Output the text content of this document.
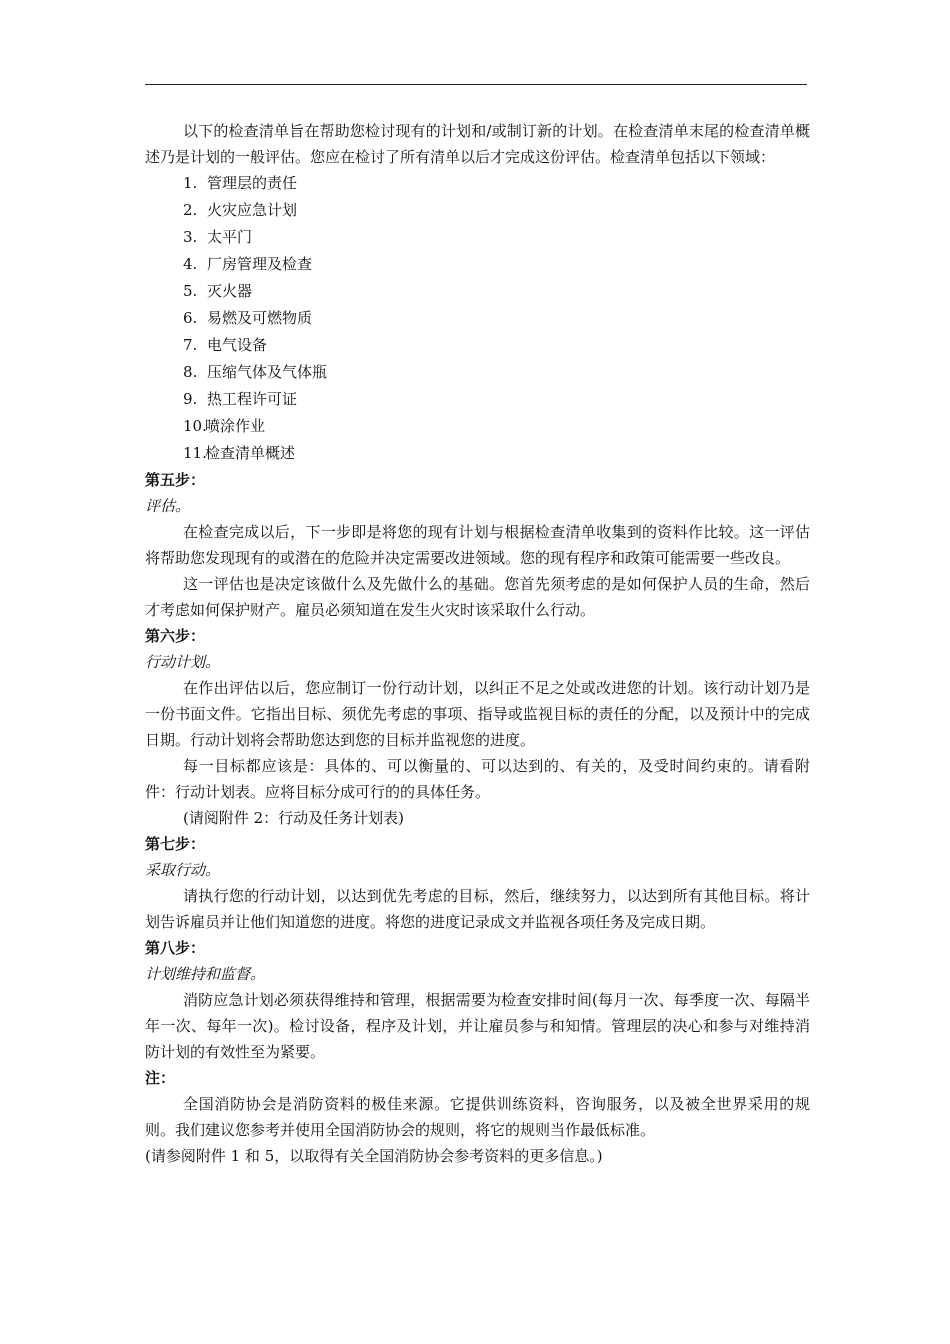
以下的检查清单旨在帮助您检讨现有的计划和/或制订新的计划。在检查清单末尾的检查清单概述乃是计划的一般评估。您应在检讨了所有清单以后才完成这份评估。检查清单包括以下领域：

1. 管理层的责任
2. 火灾应急计划
3. 太平门
4. 厂房管理及检查
5. 灭火器
6. 易燃及可燃物质
7. 电气设备
8. 压缩气体及气体瓶
9. 热工程许可证
10.
喷涂作业
11.
检查清单概述

第五步：

评估。

在检查完成以后，下一步即是将您的现有计划与根据检查清单收集到的资料作比较。这一评估将帮助您发现现有的或潜在的危险并决定需要改进领域。您的现有程序和政策可能需要一些改良。

这一评估也是决定该做什么及先做什么的基础。您首先须考虑的是如何保护人员的生命，然后才考虑如何保护财产。雇员必须知道在发生火灾时该采取什么行动。

第六步：

行动计划。

在作出评估以后，您应制订一份行动计划，以纠正不足之处或改进您的计划。该行动计划乃是一份书面文件。它指出目标、须优先考虑的事项、指导或监视目标的责任的分配，以及预计中的完成日期。行动计划将会帮助您达到您的目标并监视您的进度。

每一目标都应该是：具体的、可以衡量的、可以达到的、有关的，及受时间约束的。请看附件：行动计划表。应将目标分成可行的的具体任务。

(请阅附件 2：行动及任务计划表)

第七步：

采取行动。

请执行您的行动计划，以达到优先考虑的目标，然后，继续努力，以达到所有其他目标。将计划告诉雇员并让他们知道您的进度。将您的进度记录成文并监视各项任务及完成日期。

第八步：

计划维持和监督。

消防应急计划必须获得维持和管理，根据需要为检查安排时间(每月一次、每季度一次、每隔半年一次、每年一次)。检讨设备，程序及计划，并让雇员参与和知情。管理层的决心和参与对维持消防计划的有效性至为紧要。

注：

全国消防协会是消防资料的极佳来源。它提供训练资料，咨询服务，以及被全世界采用的规则。我们建议您参考并使用全国消防协会的规则，将它的规则当作最低标准。

(请参阅附件 1 和 5，以取得有关全国消防协会参考资料的更多信息。)
